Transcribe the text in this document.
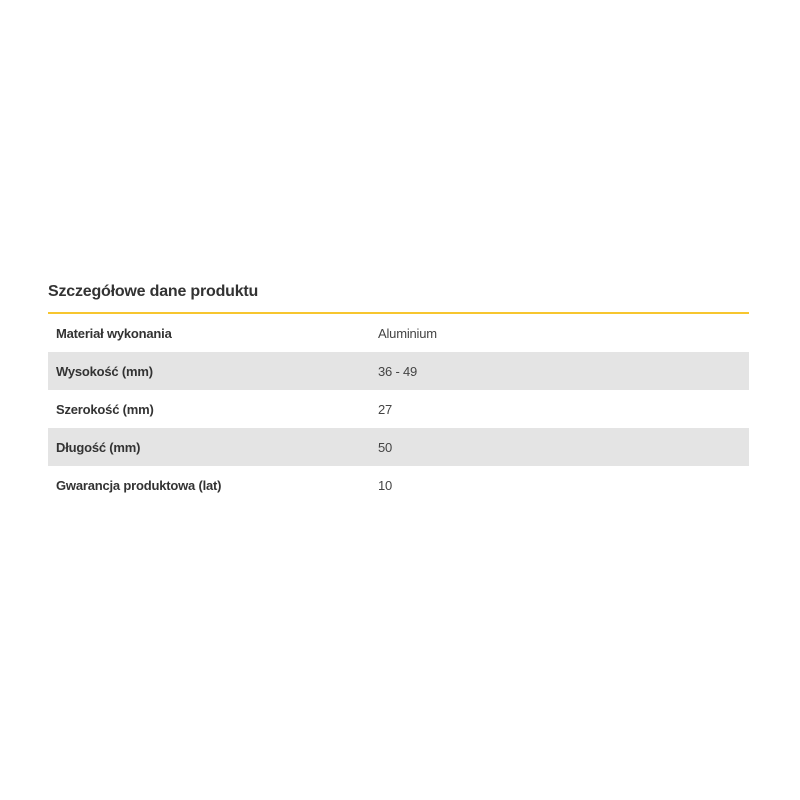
Szczegółowe dane produktu
Materiał wykonania	Aluminium
Wysokość (mm)	36 - 49
Szerokość (mm)	27
Długość (mm)	50
Gwarancja produktowa (lat)	10
